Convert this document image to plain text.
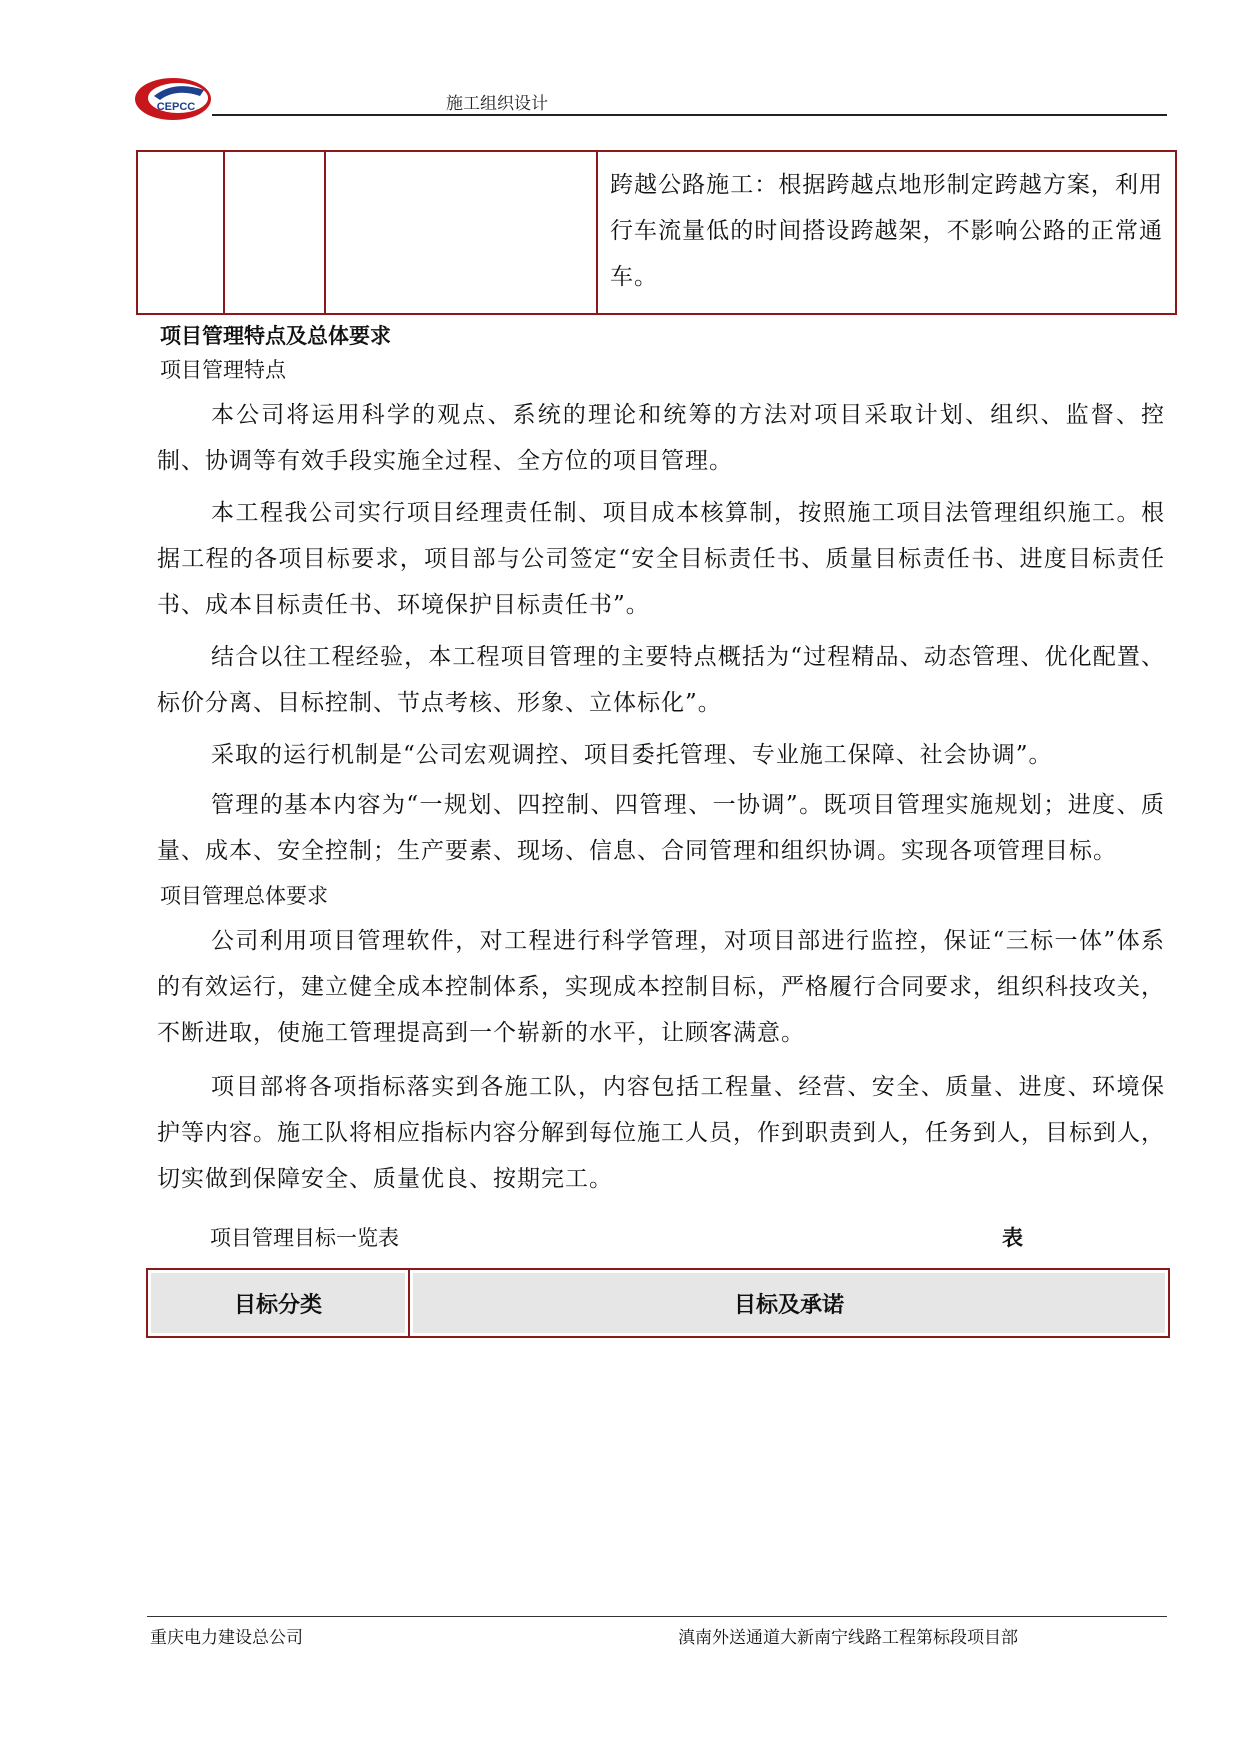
CEPCC	施工组织设计
			跨越公路施工：根据跨越点地形制定跨越方案，利用行车流量低的时间搭设跨越架，不影响公路的正常通车。
项目管理特点及总体要求
项目管理特点

本公司将运用科学的观点、系统的理论和统筹的方法对项目采取计划、组织、监督、控制、协调等有效手段实施全过程、全方位的项目管理。

本工程我公司实行项目经理责任制、项目成本核算制，按照施工项目法管理组织施工。根据工程的各项目标要求，项目部与公司签定“安全目标责任书、质量目标责任书、进度目标责任书、成本目标责任书、环境保护目标责任书”。

结合以往工程经验，本工程项目管理的主要特点概括为“过程精品、动态管理、优化配置、标价分离、目标控制、节点考核、形象、立体标化”。

采取的运行机制是“公司宏观调控、项目委托管理、专业施工保障、社会协调”。

管理的基本内容为“一规划、四控制、四管理、一协调”。既项目管理实施规划；进度、质量、成本、安全控制；生产要素、现场、信息、合同管理和组织协调。实现各项管理目标。

项目管理总体要求

公司利用项目管理软件，对工程进行科学管理，对项目部进行监控，保证“三标一体”体系的有效运行，建立健全成本控制体系，实现成本控制目标，严格履行合同要求，组织科技攻关，不断进取，使施工管理提高到一个崭新的水平，让顾客满意。

项目部将各项指标落实到各施工队，内容包括工程量、经营、安全、质量、进度、环境保护等内容。施工队将相应指标内容分解到每位施工人员，作到职责到人，任务到人，目标到人，切实做到保障安全、质量优良、按期完工。

项目管理目标一览表	表
目标分类	目标及承诺
重庆电力建设总公司	滇南外送通道大新南宁线路工程第标段项目部
